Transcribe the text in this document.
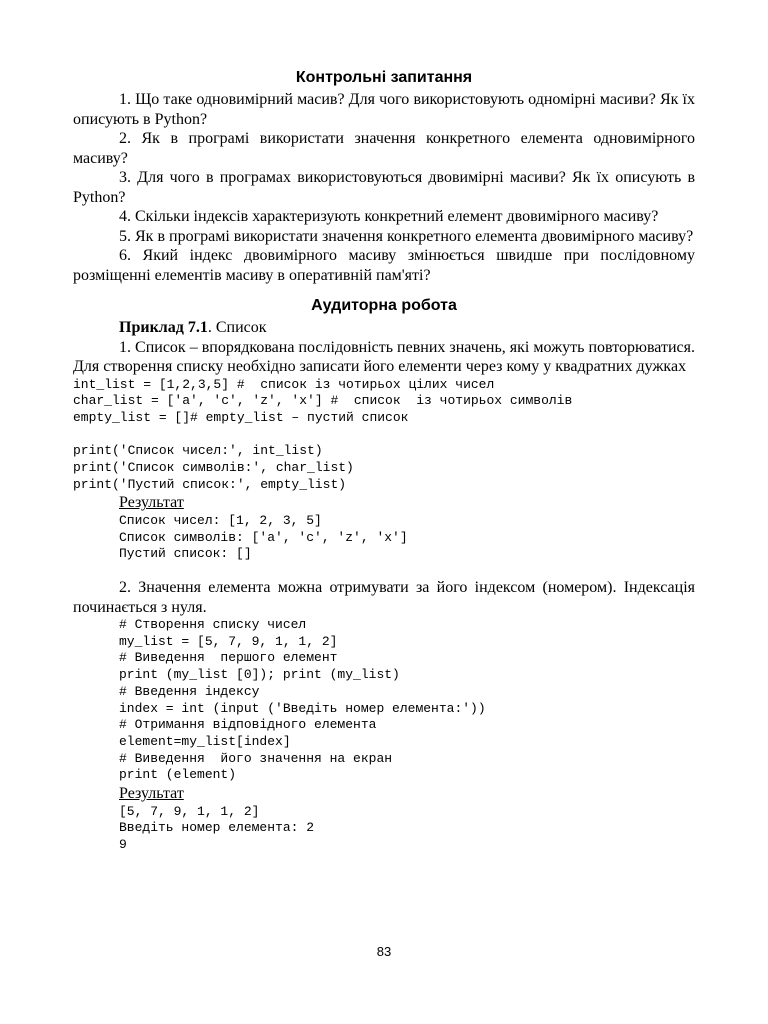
Контрольні запитання

1. Що таке одновимірний масив? Для чого використовують одномірні масиви? Як їх описують в Python?

2. Як в програмі використати значення конкретного елемента одновимірного масиву?

3. Для чого в програмах використовуються двовимірні масиви? Як їх описують в Python?

4. Скільки індексів характеризують конкретний елемент двовимірного масиву?

5. Як в програмі використати значення конкретного елемента двовимірного масиву?

6. Який індекс двовимірного масиву змінюється швидше при послідовному розміщенні елементів масиву в оперативній пам'яті?

Аудиторна робота

Приклад 7.1. Список

1. Список – впорядкована послідовність певних значень, які можуть повторюватися. Для створення списку необхідно записати його елементи через кому у квадратних дужках

int_list = [1,2,3,5] #  список із чотирьох цілих чисел
char_list = ['a', 'c', 'z', 'x'] #  список  із чотирьох символів
empty_list = []# empty_list – пустий список
print('Список чисел:', int_list)
print('Список символів:', char_list)
print('Пустий список:', empty_list)

Результат

Список чисел: [1, 2, 3, 5]
Список символів: ['a', 'c', 'z', 'x']
Пустий список: []

2. Значення елемента можна отримувати за його індексом (номером). Індексація починається з нуля.

# Створення списку чисел
my_list = [5, 7, 9, 1, 1, 2]
# Виведення  першого елемент
print (my_list [0]); print (my_list)
# Введення індексу
index = int (input ('Введіть номер елемента:'))
# Отримання відповідного елемента
element=my_list[index]
# Виведення  його значення на екран
print (element)

Результат

[5, 7, 9, 1, 1, 2]
Введіть номер елемента: 2
9
83
